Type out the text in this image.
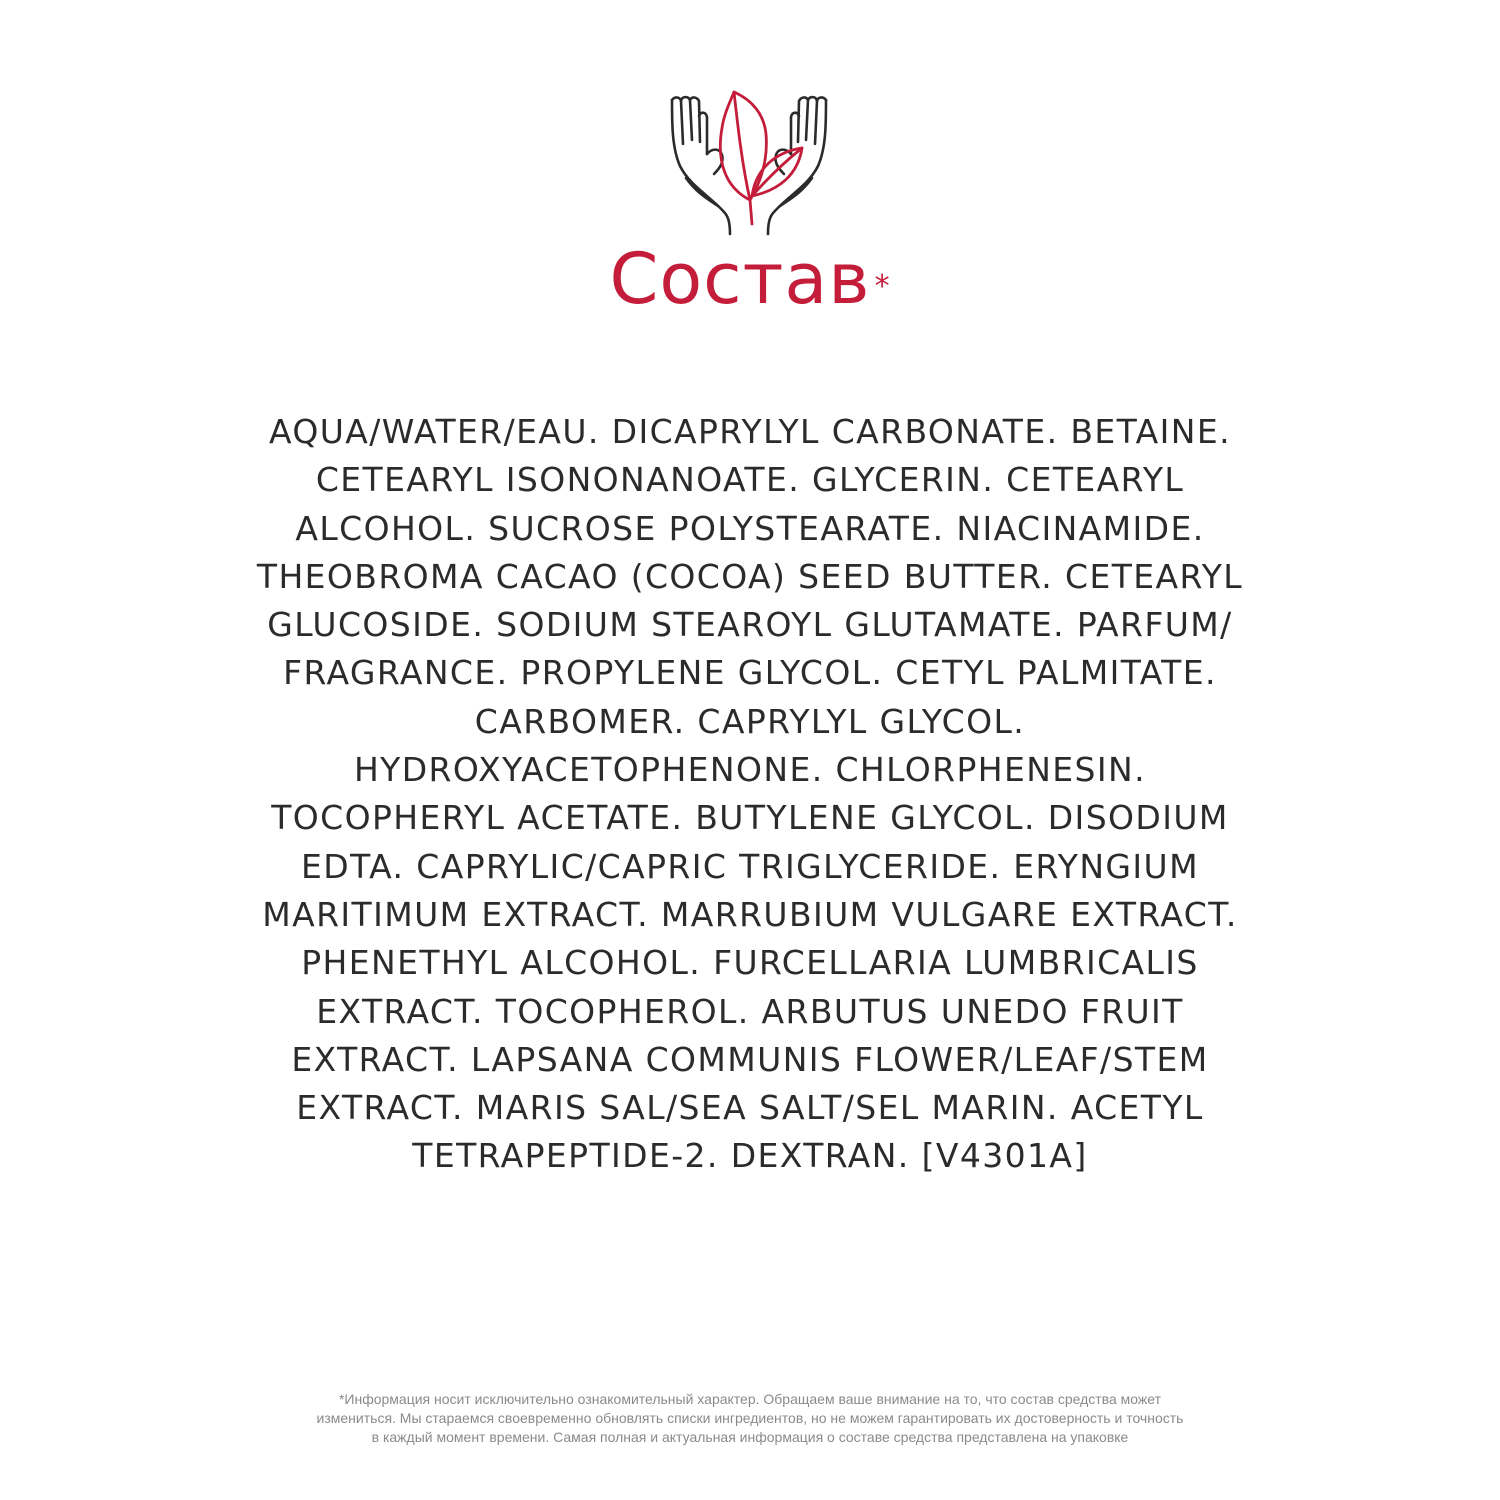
Состав *
AQUA/WATER/EAU. DICAPRYLYL CARBONATE. BETAINE.
CETEARYL ISONONANOATE. GLYCERIN. CETEARYL
ALCOHOL. SUCROSE POLYSTEARATE. NIACINAMIDE.
THEOBROMA CACAO (COCOA) SEED BUTTER. CETEARYL
GLUCOSIDE. SODIUM STEAROYL GLUTAMATE. PARFUM/
FRAGRANCE. PROPYLENE GLYCOL. CETYL PALMITATE.
CARBOMER. CAPRYLYL GLYCOL.
HYDROXYACETOPHENONE. CHLORPHENESIN.
TOCOPHERYL ACETATE. BUTYLENE GLYCOL. DISODIUM
EDTA. CAPRYLIC/CAPRIC TRIGLYCERIDE. ERYNGIUM
MARITIMUM EXTRACT. MARRUBIUM VULGARE EXTRACT.
PHENETHYL ALCOHOL. FURCELLARIA LUMBRICALIS
EXTRACT. TOCOPHEROL. ARBUTUS UNEDO FRUIT
EXTRACT. LAPSANA COMMUNIS FLOWER/LEAF/STEM
EXTRACT. MARIS SAL/SEA SALT/SEL MARIN. ACETYL
TETRAPEPTIDE-2. DEXTRAN. [V4301A]
*Информация носит исключительно ознакомительный характер. Обращаем ваше внимание на то, что состав средства может
измениться. Мы стараемся своевременно обновлять списки ингредиентов, но не можем гарантировать их достоверность и точность
в каждый момент времени. Самая полная и актуальная информация о составе средства представлена на упаковке
